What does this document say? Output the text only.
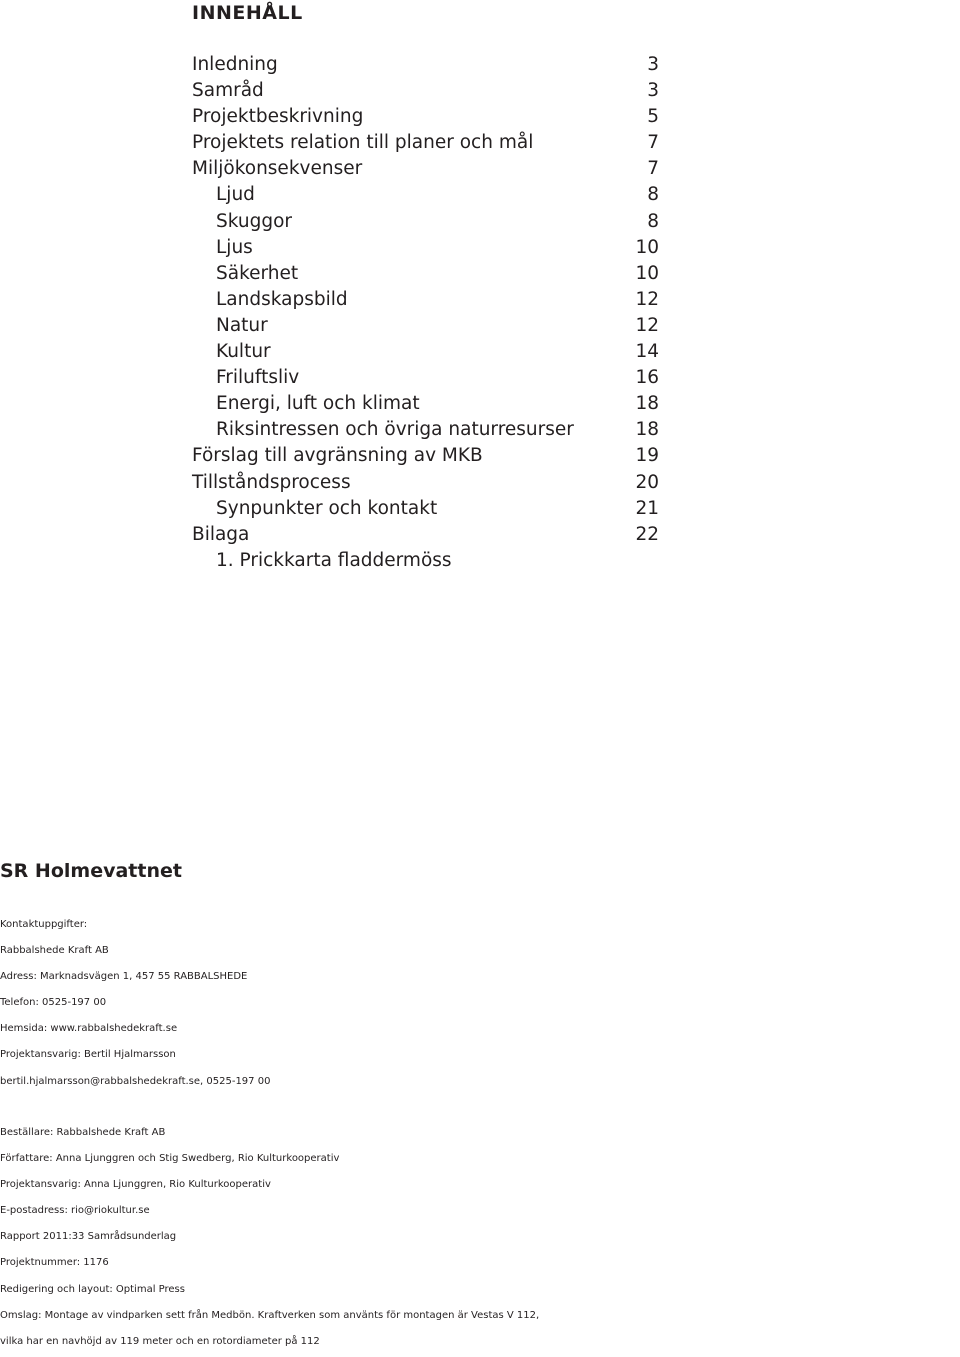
INNEHÅLL
Inledning	3
Samråd	3
Projektbeskrivning	5
Projektets relation till planer och mål	7
Miljökonsekvenser	7
Ljud	8
Skuggor	8
Ljus	10
Säkerhet	10
Landskapsbild	12
Natur	12
Kultur	14
Friluftsliv	16
Energi, luft och klimat	18
Riksintressen och övriga naturresurser	18
Förslag till avgränsning av MKB	19
Tillståndsprocess	20
Synpunkter och kontakt	21
Bilaga	22
1. Prickkarta fladdermöss
SR Holmevattnet
Kontaktuppgifter:
Rabbalshede Kraft AB
Adress: Marknadsvägen 1, 457 55 RABBALSHEDE
Telefon: 0525-197 00
Hemsida: www.rabbalshedekraft.se
Projektansvarig: Bertil Hjalmarsson
bertil.hjalmarsson@rabbalshedekraft.se, 0525-197 00
Beställare: Rabbalshede Kraft AB
Författare: Anna Ljunggren och Stig Swedberg, Rio Kulturkooperativ
Projektansvarig: Anna Ljunggren, Rio Kulturkooperativ
E-postadress: rio@riokultur.se
Rapport 2011:33 Samrådsunderlag
Projektnummer: 1176
Redigering och layout: Optimal Press
Omslag: Montage av vindparken sett från Medbön. Kraftverken som använts för montagen är Vestas V 112,
vilka har en navhöjd av 119 meter och en rotordiameter på 112
